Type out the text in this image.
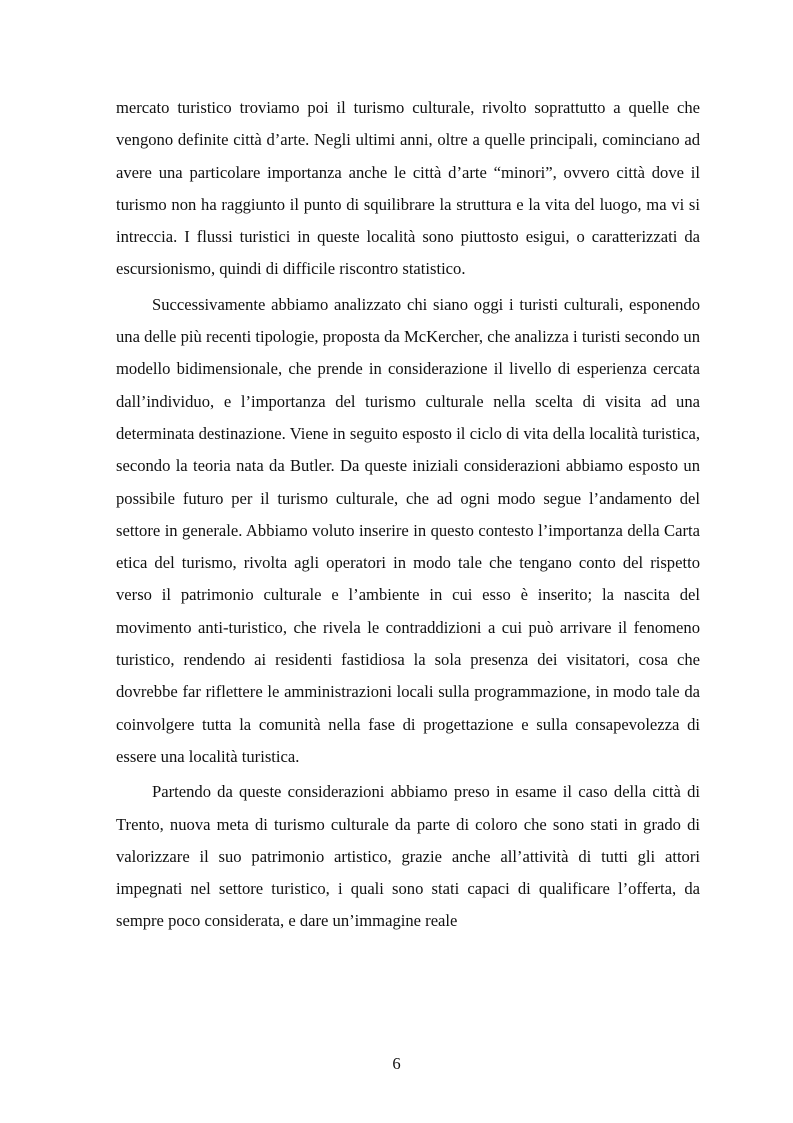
mercato turistico troviamo poi il turismo culturale, rivolto soprattutto a quelle che vengono definite città d’arte. Negli ultimi anni, oltre a quelle principali, cominciano ad avere una particolare importanza anche le città d’arte “minori”, ovvero città dove il turismo non ha raggiunto il punto di squilibrare la struttura e la vita del luogo, ma vi si intreccia. I flussi turistici in queste località sono piuttosto esigui, o caratterizzati da escursionismo, quindi di difficile riscontro statistico.

Successivamente abbiamo analizzato chi siano oggi i turisti culturali, esponendo una delle più recenti tipologie, proposta da McKercher, che analizza i turisti secondo un modello bidimensionale, che prende in considerazione il livello di esperienza cercata dall’individuo, e l’importanza del turismo culturale nella scelta di visita ad una determinata destinazione. Viene in seguito esposto il ciclo di vita della località turistica, secondo la teoria nata da Butler. Da queste iniziali considerazioni abbiamo esposto un possibile futuro per il turismo culturale, che ad ogni modo segue l’andamento del settore in generale. Abbiamo voluto inserire in questo contesto l’importanza della Carta etica del turismo, rivolta agli operatori in modo tale che tengano conto del rispetto verso il patrimonio culturale e l’ambiente in cui esso è inserito; la nascita del movimento anti-turistico, che rivela le contraddizioni a cui può arrivare il fenomeno turistico, rendendo ai residenti fastidiosa la sola presenza dei visitatori, cosa che dovrebbe far riflettere le amministrazioni locali sulla programmazione, in modo tale da coinvolgere tutta la comunità nella fase di progettazione e sulla consapevolezza di essere una località turistica.

Partendo da queste considerazioni abbiamo preso in esame il caso della città di Trento, nuova meta di turismo culturale da parte di coloro che sono stati in grado di valorizzare il suo patrimonio artistico, grazie anche all’attività di tutti gli attori impegnati nel settore turistico, i quali sono stati capaci di qualificare l’offerta, da sempre poco considerata, e dare un’immagine reale

6
